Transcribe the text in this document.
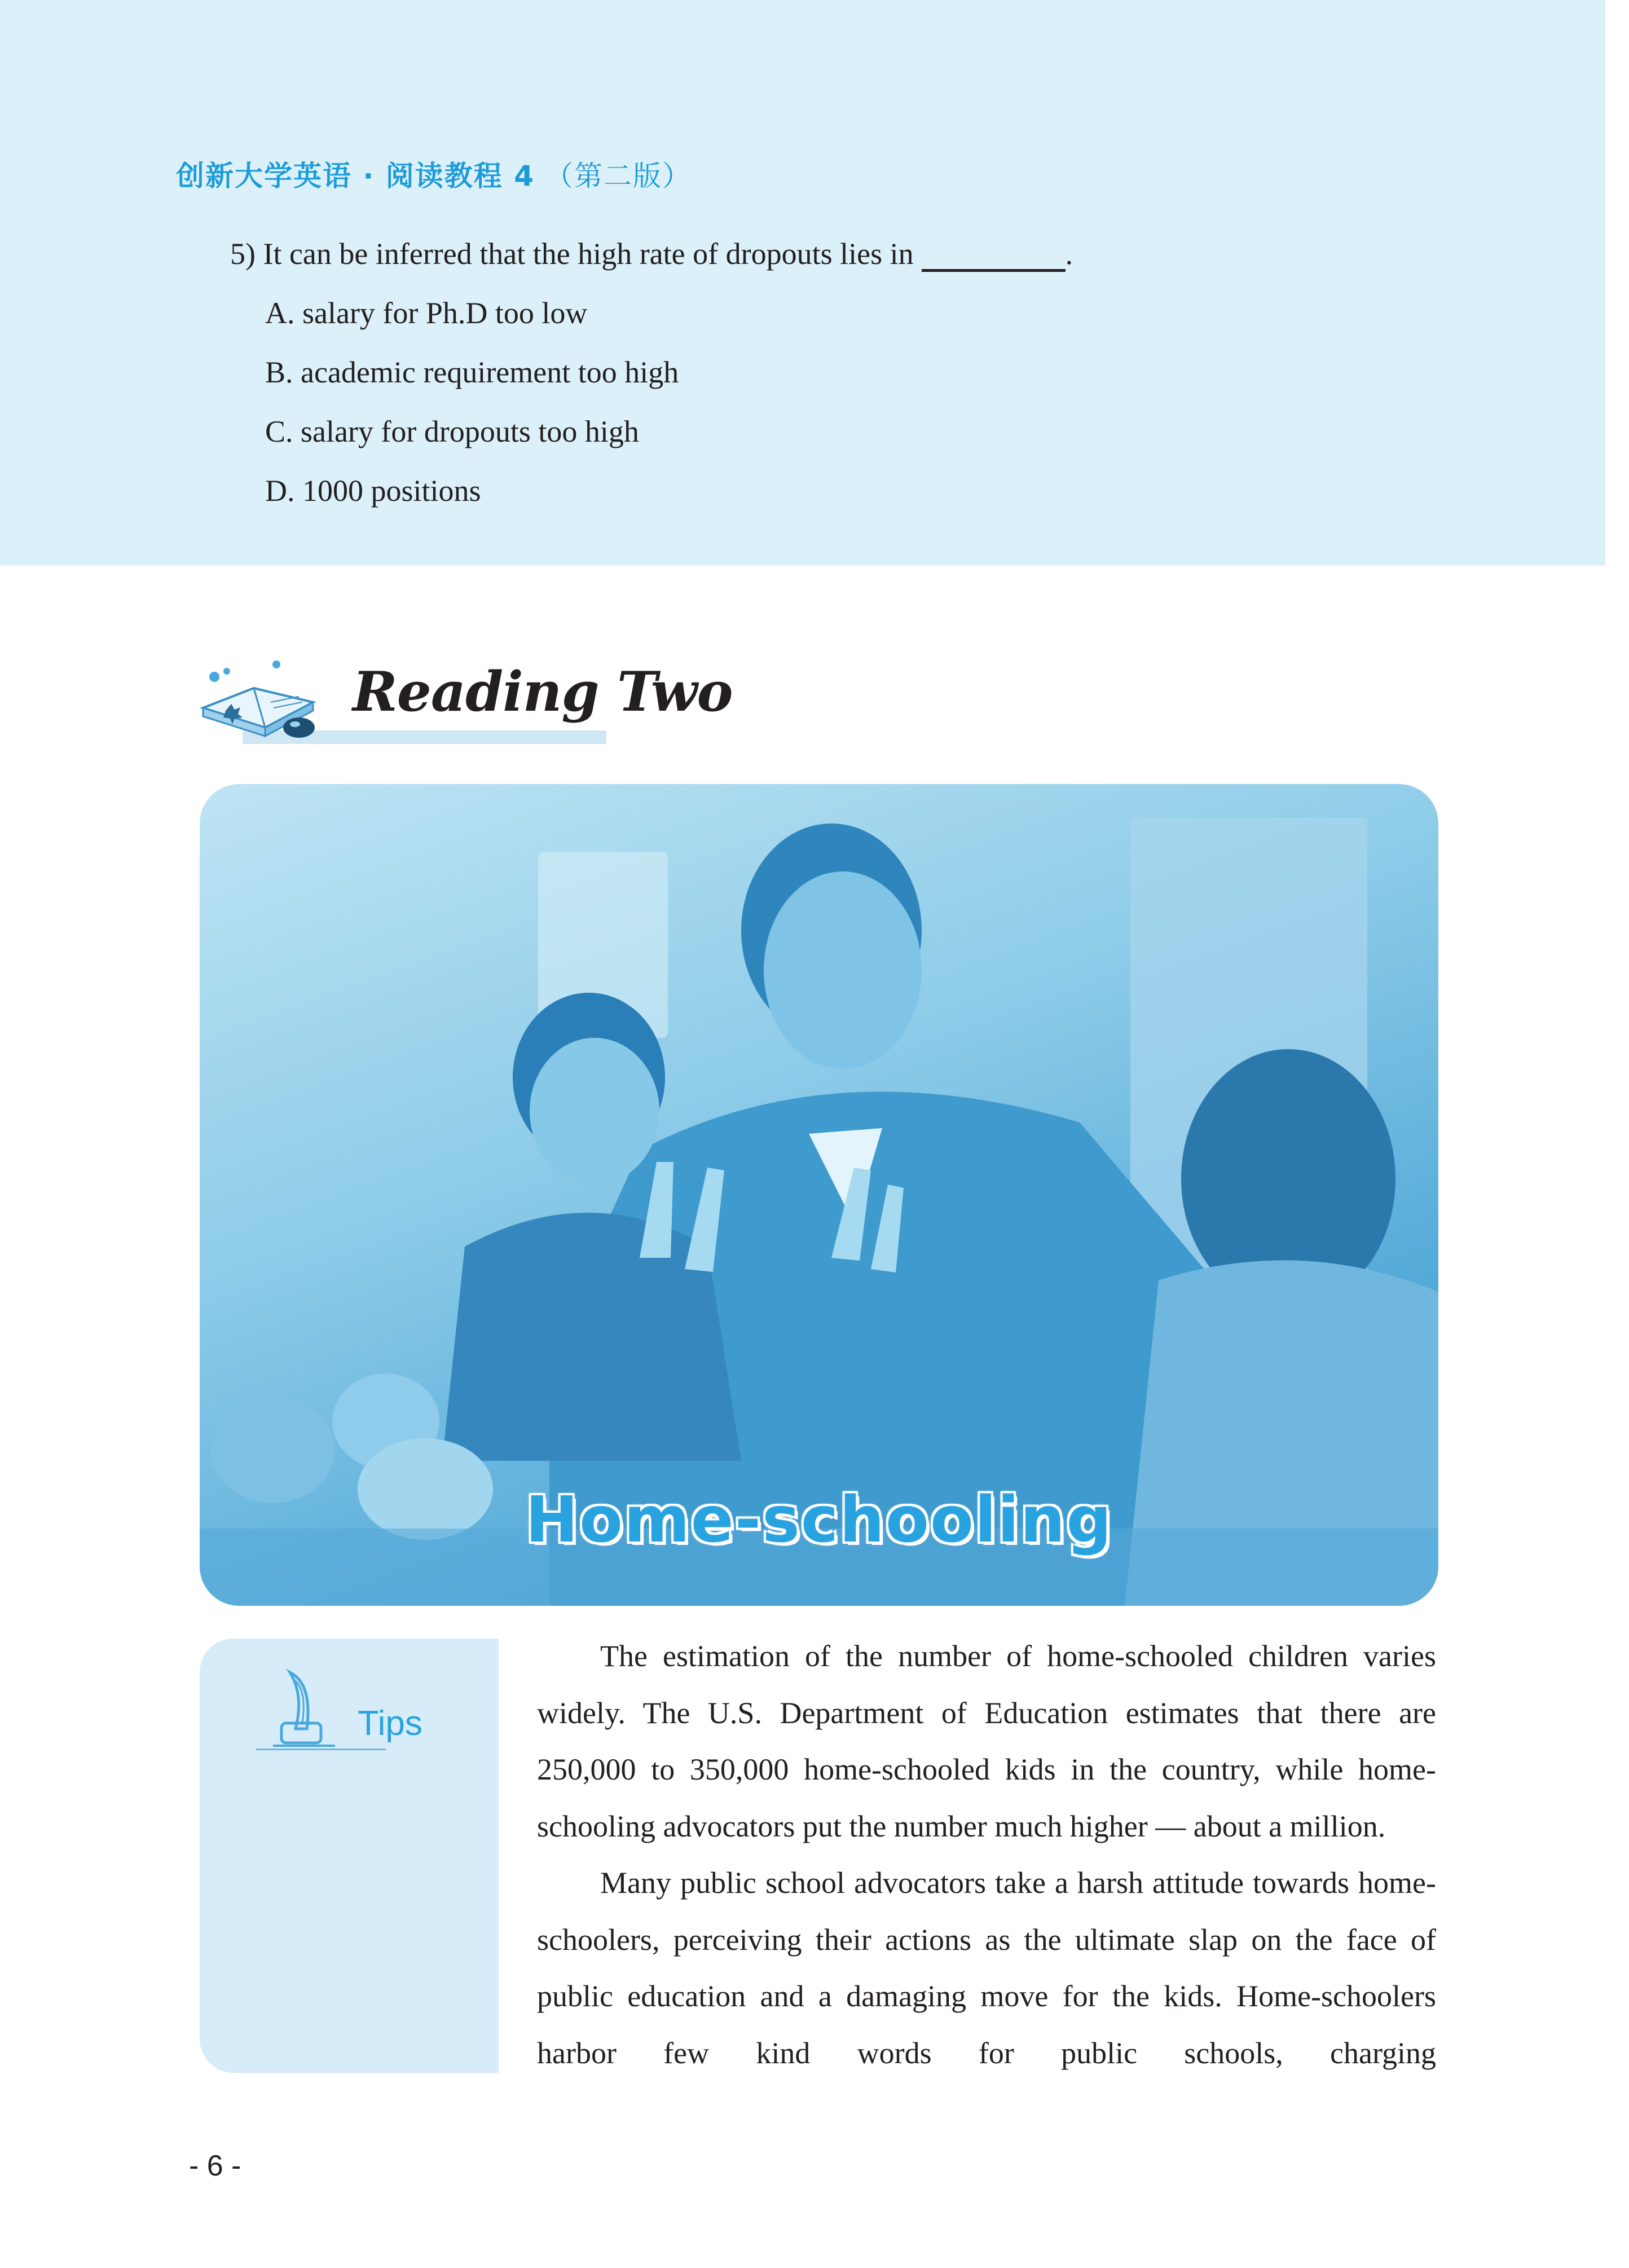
创新大学英语 · 阅读教程 4 （第二版）
5) It can be inferred that the high rate of dropouts lies in	.
A. salary for Ph.D too low
B. academic requirement too high
C. salary for dropouts too high
D. 1000 positions
Reading Two
Home-schooling
Tips

The estimation of the number of home-schooled children varies widely. The U.S. Department of Education estimates that there are 250,000 to 350,000 home-schooled kids in the country, while home-schooling advocators put the number much higher — about a million.

Many public school advocators take a harsh attitude towards home-schoolers, perceiving their actions as the ultimate slap on the face of public education and a damaging move for the kids. Home-schoolers harbor few kind words for public schools, charging

- 6 -
